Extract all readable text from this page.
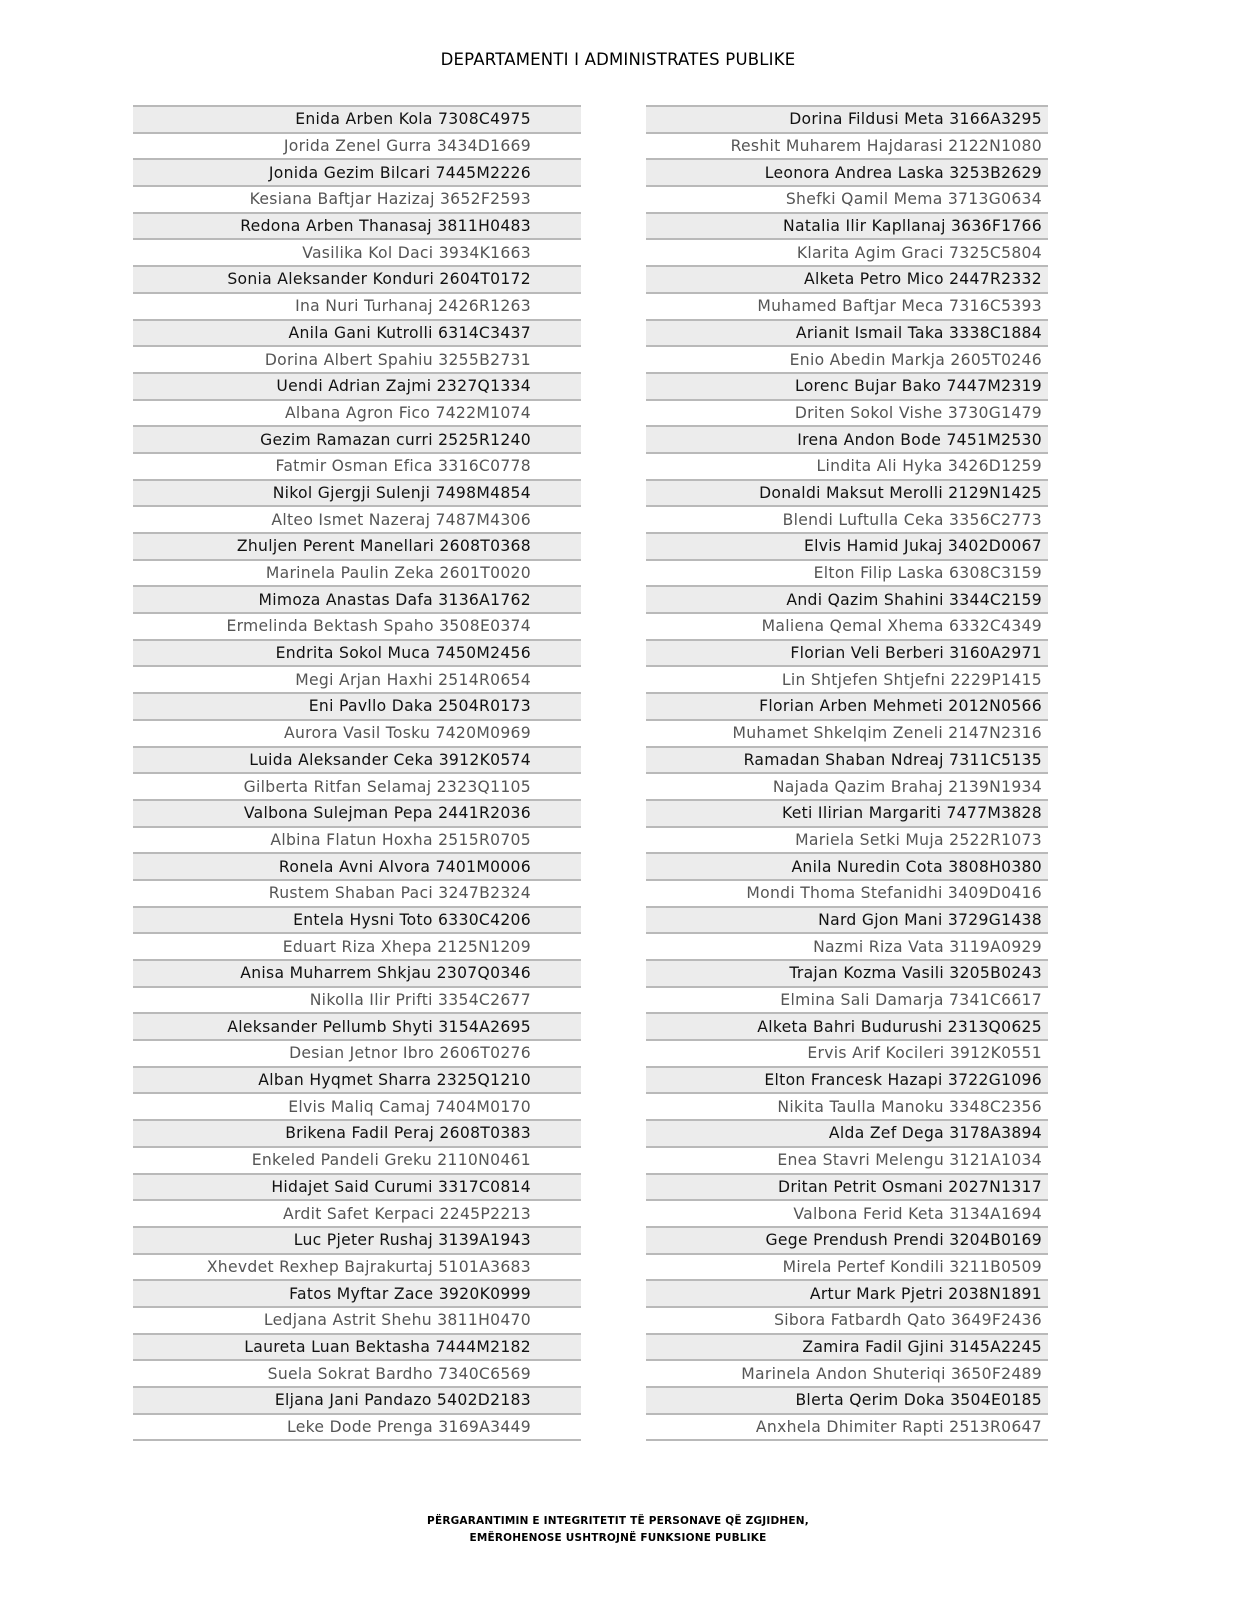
DEPARTAMENTI I ADMINISTRATES PUBLIKE
Enida Arben Kola 7308C4975
Jorida Zenel Gurra 3434D1669
Jonida Gezim Bilcari 7445M2226
Kesiana Baftjar Hazizaj 3652F2593
Redona Arben Thanasaj 3811H0483
Vasilika Kol Daci 3934K1663
Sonia Aleksander Konduri 2604T0172
Ina Nuri Turhanaj 2426R1263
Anila Gani Kutrolli 6314C3437
Dorina Albert Spahiu 3255B2731
Uendi Adrian Zajmi 2327Q1334
Albana Agron Fico 7422M1074
Gezim Ramazan curri 2525R1240
Fatmir Osman Efica 3316C0778
Nikol Gjergji Sulenji 7498M4854
Alteo Ismet Nazeraj 7487M4306
Zhuljen Perent Manellari 2608T0368
Marinela Paulin Zeka 2601T0020
Mimoza Anastas Dafa 3136A1762
Ermelinda Bektash Spaho 3508E0374
Endrita Sokol Muca 7450M2456
Megi Arjan Haxhi 2514R0654
Eni Pavllo Daka 2504R0173
Aurora Vasil Tosku 7420M0969
Luida Aleksander Ceka 3912K0574
Gilberta Ritfan Selamaj 2323Q1105
Valbona Sulejman Pepa 2441R2036
Albina Flatun Hoxha 2515R0705
Ronela Avni Alvora 7401M0006
Rustem Shaban Paci 3247B2324
Entela Hysni Toto 6330C4206
Eduart Riza Xhepa 2125N1209
Anisa Muharrem Shkjau 2307Q0346
Nikolla Ilir Prifti 3354C2677
Aleksander Pellumb Shyti 3154A2695
Desian Jetnor Ibro 2606T0276
Alban Hyqmet Sharra 2325Q1210
Elvis Maliq Camaj 7404M0170
Brikena Fadil Peraj 2608T0383
Enkeled Pandeli Greku 2110N0461
Hidajet Said Curumi 3317C0814
Ardit Safet Kerpaci 2245P2213
Luc Pjeter Rushaj 3139A1943
Xhevdet Rexhep Bajrakurtaj 5101A3683
Fatos Myftar Zace 3920K0999
Ledjana Astrit Shehu 3811H0470
Laureta Luan Bektasha 7444M2182
Suela Sokrat Bardho 7340C6569
Eljana Jani Pandazo 5402D2183
Leke Dode Prenga 3169A3449
Dorina Fildusi Meta 3166A3295
Reshit Muharem Hajdarasi 2122N1080
Leonora Andrea Laska 3253B2629
Shefki Qamil Mema 3713G0634
Natalia Ilir Kapllanaj 3636F1766
Klarita Agim Graci 7325C5804
Alketa Petro Mico 2447R2332
Muhamed Baftjar Meca 7316C5393
Arianit Ismail Taka 3338C1884
Enio Abedin Markja 2605T0246
Lorenc Bujar Bako 7447M2319
Driten Sokol Vishe 3730G1479
Irena Andon Bode 7451M2530
Lindita Ali Hyka 3426D1259
Donaldi Maksut Merolli 2129N1425
Blendi Luftulla Ceka 3356C2773
Elvis Hamid Jukaj 3402D0067
Elton Filip Laska 6308C3159
Andi Qazim Shahini 3344C2159
Maliena Qemal Xhema 6332C4349
Florian Veli Berberi 3160A2971
Lin Shtjefen Shtjefni 2229P1415
Florian Arben Mehmeti 2012N0566
Muhamet Shkelqim Zeneli 2147N2316
Ramadan Shaban Ndreaj 7311C5135
Najada Qazim Brahaj 2139N1934
Keti Ilirian Margariti 7477M3828
Mariela Setki Muja 2522R1073
Anila Nuredin Cota 3808H0380
Mondi Thoma Stefanidhi 3409D0416
Nard Gjon Mani 3729G1438
Nazmi Riza Vata 3119A0929
Trajan Kozma Vasili 3205B0243
Elmina Sali Damarja 7341C6617
Alketa Bahri Budurushi 2313Q0625
Ervis Arif Kocileri 3912K0551
Elton Francesk Hazapi 3722G1096
Nikita Taulla Manoku 3348C2356
Alda Zef Dega 3178A3894
Enea Stavri Melengu 3121A1034
Dritan Petrit Osmani 2027N1317
Valbona Ferid Keta 3134A1694
Gege Prendush Prendi 3204B0169
Mirela Pertef Kondili 3211B0509
Artur Mark Pjetri 2038N1891
Sibora Fatbardh Qato 3649F2436
Zamira Fadil Gjini 3145A2245
Marinela Andon Shuteriqi 3650F2489
Blerta Qerim Doka 3504E0185
Anxhela Dhimiter Rapti 2513R0647
PËRGARANTIMIN E INTEGRITETIT TË PERSONAVE QË ZGJIDHEN,
EMËROHENOSE USHTROJNË FUNKSIONE PUBLIKE
